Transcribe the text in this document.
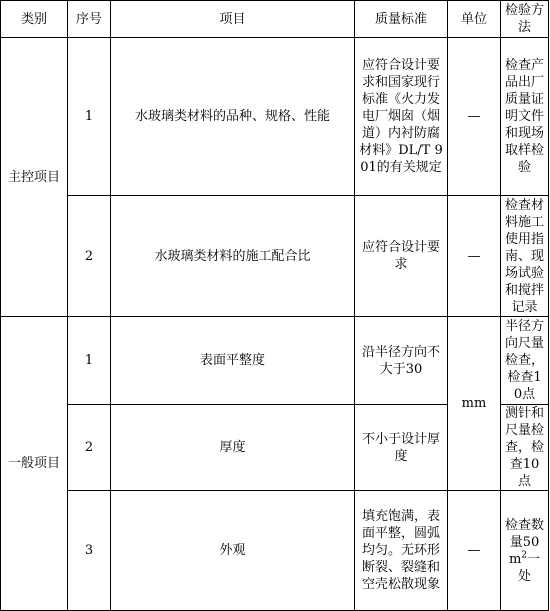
类别	序号	项目	质量标准	单位	检验方法
主控项目	1	水玻璃类材料的品种、规格、性能	应符合设计要求和国家现行标准《火力发电厂烟囱（烟道）内衬防腐材料》DL/T 901的有关规定	—	检查产品出厂质量证明文件和现场取样检验
	2	水玻璃类材料的施工配合比	应符合设计要求	—	检查材料施工使用指南、现场试验和搅拌记录
一般项目	1	表面平整度	沿半径方向不大于30	mm	半径方向尺量检查，检查10点
	2	厚度	不小于设计厚度		测针和尺量检查，检查10点
	3	外观	填充饱满，表面平整，圆弧均匀。无环形断裂、裂缝和空壳松散现象	—	检查数量$50m^2$一处
